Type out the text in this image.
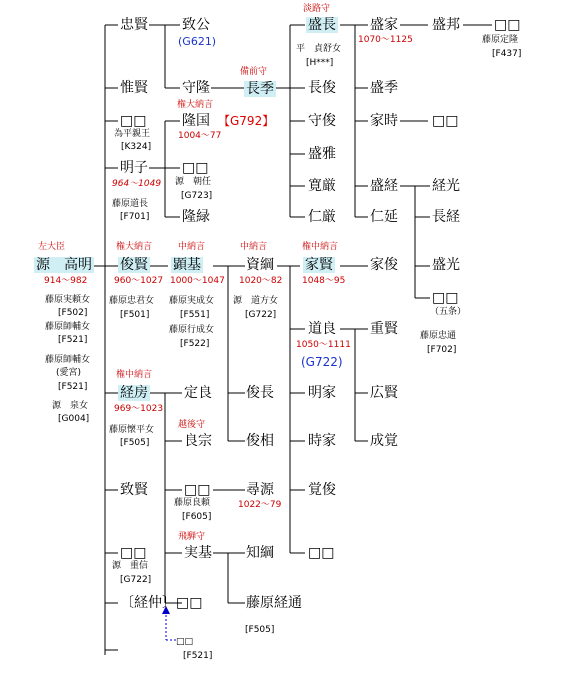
左大臣
源　高明
914～982
藤原実頼女
[F502]
藤原師輔女
[F521]
藤原師輔女
(愛宮)
[F521]
源　泉女
[G004]
忠賢
惟賢
□□
為平親王
[K324]
明子
964～1049
藤原道長
[F701]
権大納言
俊賢
960～1027
藤原忠君女
[F501]
権中納言
経房
969～1023
藤原懐平女
[F505]
致賢
□□
源　重信
[G722]
〔経仲〕
致公
(G621)
守隆
権大納言
隆国 【G792】
1004～77
□□
源　朝任
[G723]
隆緑
中納言
顕基
1000～1047
藤原実成女
[F551]
藤原行成女
[F522]
定良
越後守
良宗
□□
藤原良頼
[F605]
飛騨守
実基
□□
□□
[F521]
備前守
長季
中納言
資綱
1020～82
源　道方女
[G722]
俊長
俊相
尋源
1022～79
知綱
藤原経通
[F505]
淡路守
盛長
平　貞舒女
[H***]
長俊
守俊
盛雅
寛厳
仁厳
権中納言
家賢
1048～95
道良
1050～1111
(G722)
明家
時家
覚俊
□□
盛家
1070～1125
盛季
家時
盛経
仁延
家俊
重賢
広賢
成覚
盛邦
□□
経光
長経
盛光
□□
（五条）
藤原忠通
[F702]
□□
藤原定隆
[F437]
